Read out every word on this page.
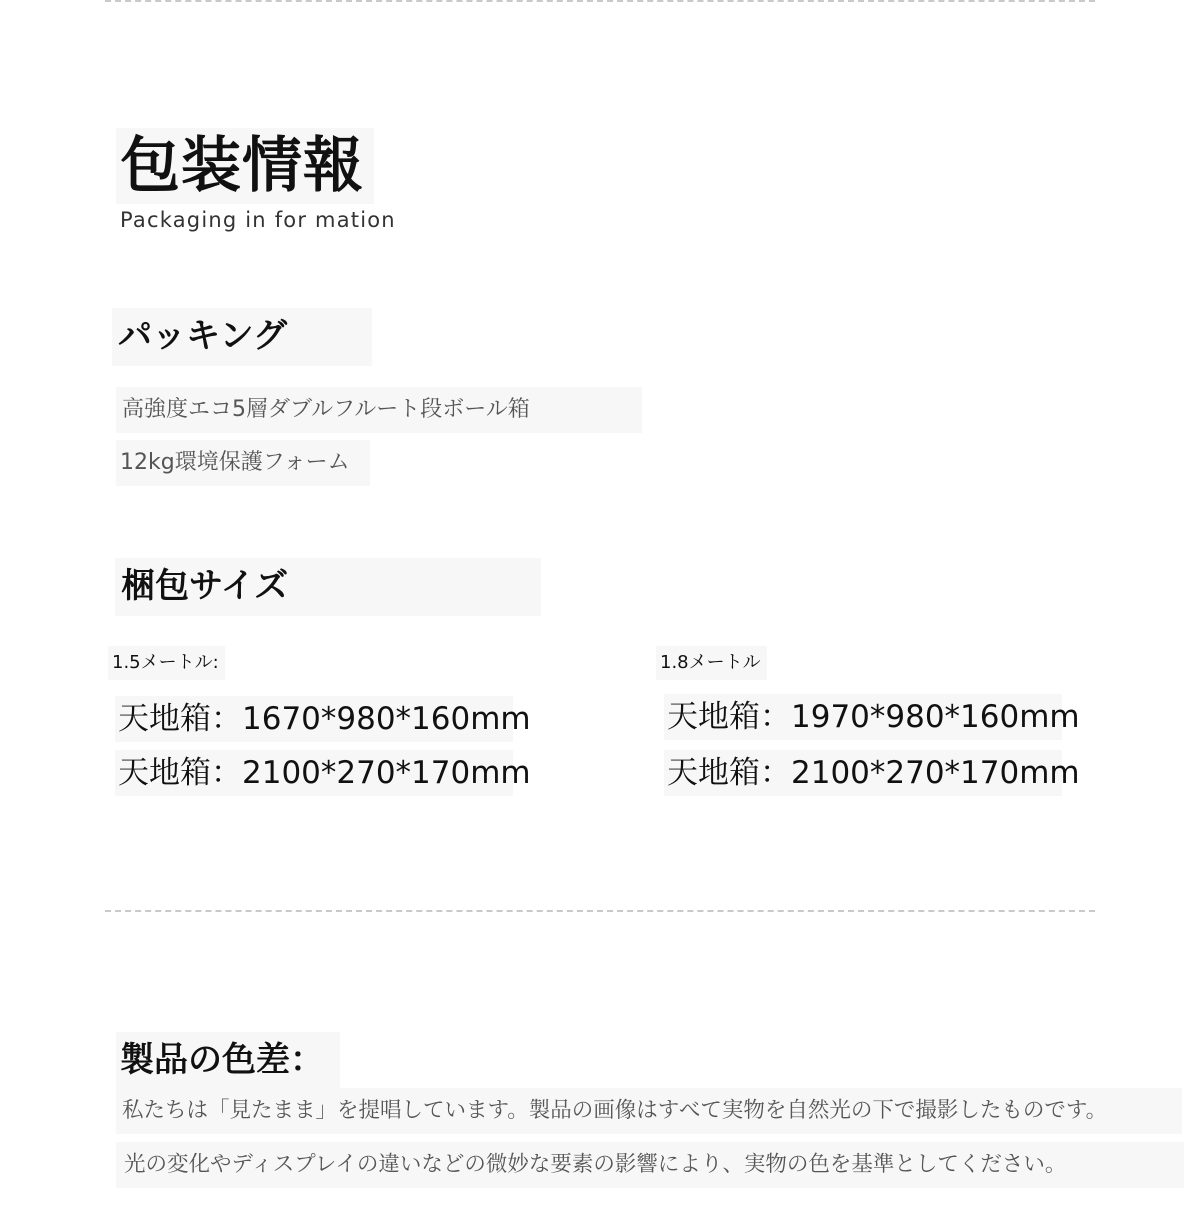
包装情報
Packaging in for mation
パッキング
高強度エコ5層ダブルフルート段ボール箱
12kg環境保護フォーム
梱包サイズ
1.5メートル:	1.8メートル
天地箱：1670*980*160mm
天地箱：2100*270*170mm
天地箱：1970*980*160mm
天地箱：2100*270*170mm
製品の色差：
私たちは「見たまま」を提唱しています。製品の画像はすべて実物を自然光の下で撮影したものです。
光の変化やディスプレイの違いなどの微妙な要素の影響により、実物の色を基準としてください。
